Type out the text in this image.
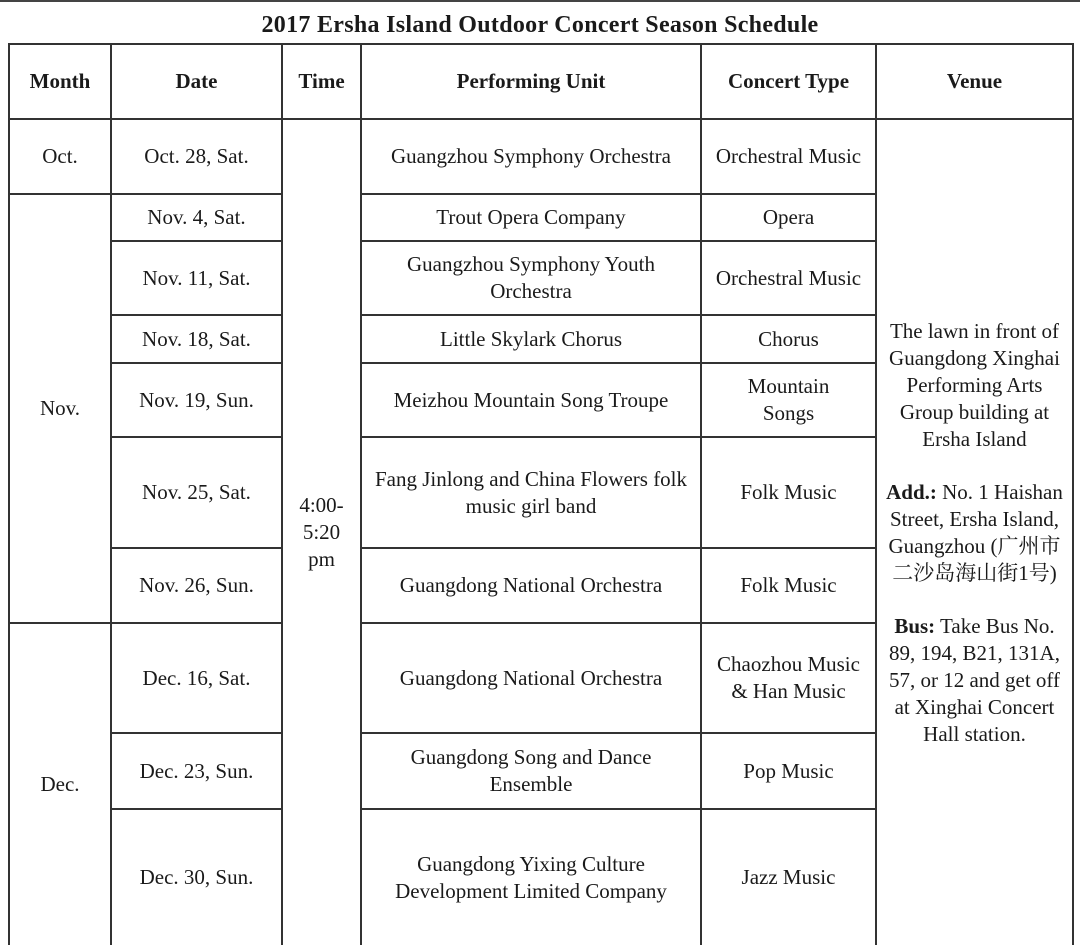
2017 Ersha Island Outdoor Concert Season Schedule
Month	Date	Time	Performing Unit	Concert Type	Venue
Oct.	Oct. 28, Sat.	4:00-5:20 pm	Guangzhou Symphony Orchestra	Orchestral Music	The lawn in front of Guangdong Xinghai Performing Arts Group building at Ersha Island

Add.: No. 1 Haishan Street, Ersha Island, Guangzhou (广州市二沙岛海山街1号)

Bus: Take Bus No. 89, 194, B21, 131A, 57, or 12 and get off at Xinghai Concert Hall station.

Nov.	Nov. 4, Sat.		Trout Opera Company	Opera	
	Nov. 11, Sat.		Guangzhou Symphony Youth Orchestra	Orchestral Music	
	Nov. 18, Sat.		Little Skylark Chorus	Chorus	
	Nov. 19, Sun.		Meizhou Mountain Song Troupe	Mountain Songs	
	Nov. 25, Sat.		Fang Jinlong and China Flowers folk music girl band	Folk Music	
	Nov. 26, Sun.		Guangdong National Orchestra	Folk Music	
Dec.	Dec. 16, Sat.		Guangdong National Orchestra	Chaozhou Music & Han Music	
	Dec. 23, Sun.		Guangdong Song and Dance Ensemble	Pop Music	
	Dec. 30, Sun.		Guangdong Yixing Culture Development Limited Company	Jazz Music	
